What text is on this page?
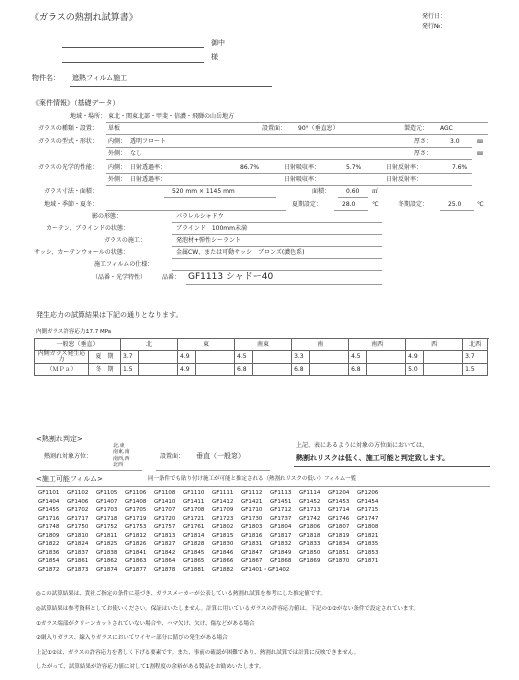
《ガラスの熱割れ試算書》	発行日：
発行№：
御中
様
物件名： 遮熱フィルム施工
《案件情報》（基礎データ）
地域・場所： 東北・関東北部・甲斐・信濃・飛騨の山岳地方
ガラスの種類・設置： 単板	設置面： 90°（垂直窓）	製造元： AGC
ガラスの型式・形状： 内側： 透明フロート	厚さ：	3.0	㎜
外側： なし	厚さ：	㎜
ガラスの光学的性能： 内側： 日射透過率：	86.7%	日射吸収率：	5.7%	日射反射率：	7.6%
外側： 日射透過率：	日射吸収率：	日射反射率：
ガラス寸法・面積：	520 mm × 1145 mm	面積：	0.60 ㎡
地域・季節・夏冬：	夏期設定：	28.0	℃	冬期設定：	25.0	℃
影の形態：	パラレルシャドウ
カーテン、ブラインドの状態：	ブラインド　100mm未満
ガラスの施工：	発泡材+弾性シーラント
サッシ、カーテンウォールの状態：	金属CW、または可動サッシ　ブロンズ(濃色系)
施工フィルムの仕様：
（品番・光学特性）	品番： GF1113 シャドー40
発生応力の試算結果は下記の通りとなります。
内側ガラス許容応力：
17.7 MPa
一般窓（垂直）		北		東		南東		南		南西		西		北西	
内側ガラス発生応力	夏　期	3.7		4.9		4.5		3.3		4.5		4.9		3.7		
（ＭＰａ）	冬　期	1.5		4.9		6.8		6.8		6.8		5.0		1.5		
<熱割れ判定>
熱割れ対象方位：
北,東
南東,南
南西,西
北西
設置面： 垂直（一般窓）
上記、表にあるように対象の方位面においては、
熱割れリスクは低く、施工可能と判定致します。
<施工可能フィルム>	同一条件でも貼り付け施工が可能と推定される（熱割れリスクの低い）フィルム一覧
GF1101	GF1102	GF1105	GF1106	GF1108	GF1110	GF1111	GF1112	GF1113	GF1114	GF1204	GF1206
GF1404	GF1406	GF1407	GF1408	GF1410	GF1411	GF1412	GF1421	GF1451	GF1452	GF1453	GF1454
GF1455	GF1702	GF1703	GF1705	GF1707	GF1708	GF1709	GF1710	GF1712	GF1713	GF1714	GF1715
GF1716	GF1717	GF1718	GF1719	GF1720	GF1721	GF1723	GF1730	GF1737	GF1742	GF1746	GF1747
GF1748	GF1750	GF1752	GF1753	GF1757	GF1761	GF1802	GF1803	GF1804	GF1806	GF1807	GF1808
GF1809	GF1810	GF1811	GF1812	GF1813	GF1814	GF1815	GF1816	GF1817	GF1818	GF1819	GF1821
GF1822	GF1824	GF1825	GF1826	GF1827	GF1828	GF1830	GF1831	GF1832	GF1833	GF1834	GF1835
GF1836	GF1837	GF1838	GF1841	GF1842	GF1845	GF1846	GF1847	GF1849	GF1850	GF1851	GF1853
GF1854	GF1861	GF1862	GF1863	GF1864	GF1865	GF1866	GF1867	GF1868	GF1869	GF1870	GF1871
GF1872	GF1873	GF1874	GF1877	GF1878	GF1881	GF1882	GF1401・GF1402
◎この試算結果は、貴社ご指定の条件に基づき、ガラスメーカーが公表している熱割れ試算を参考にした推定値です。
◎試算結果は参考資料としてお使いください。保証はいたしません。計算に用いているガラスの許容応力値は、下記の①②がない条件で設定されています。
①ガラス端部がクリーンカットされていない場合や、ハマ欠け、欠け、傷などがある場合
②網入りガラス、線入りガラスにおいてワイヤー部分に錆びの発生がある場合
上記①②は、ガラスの許容応力を著しく下げる要素です。また、事前の確認が困難であり、熱割れ試算では計算に反映できません。
したがって、試算結果が許容応力値に対して1割程度の余裕がある製品をお勧めいたします。
